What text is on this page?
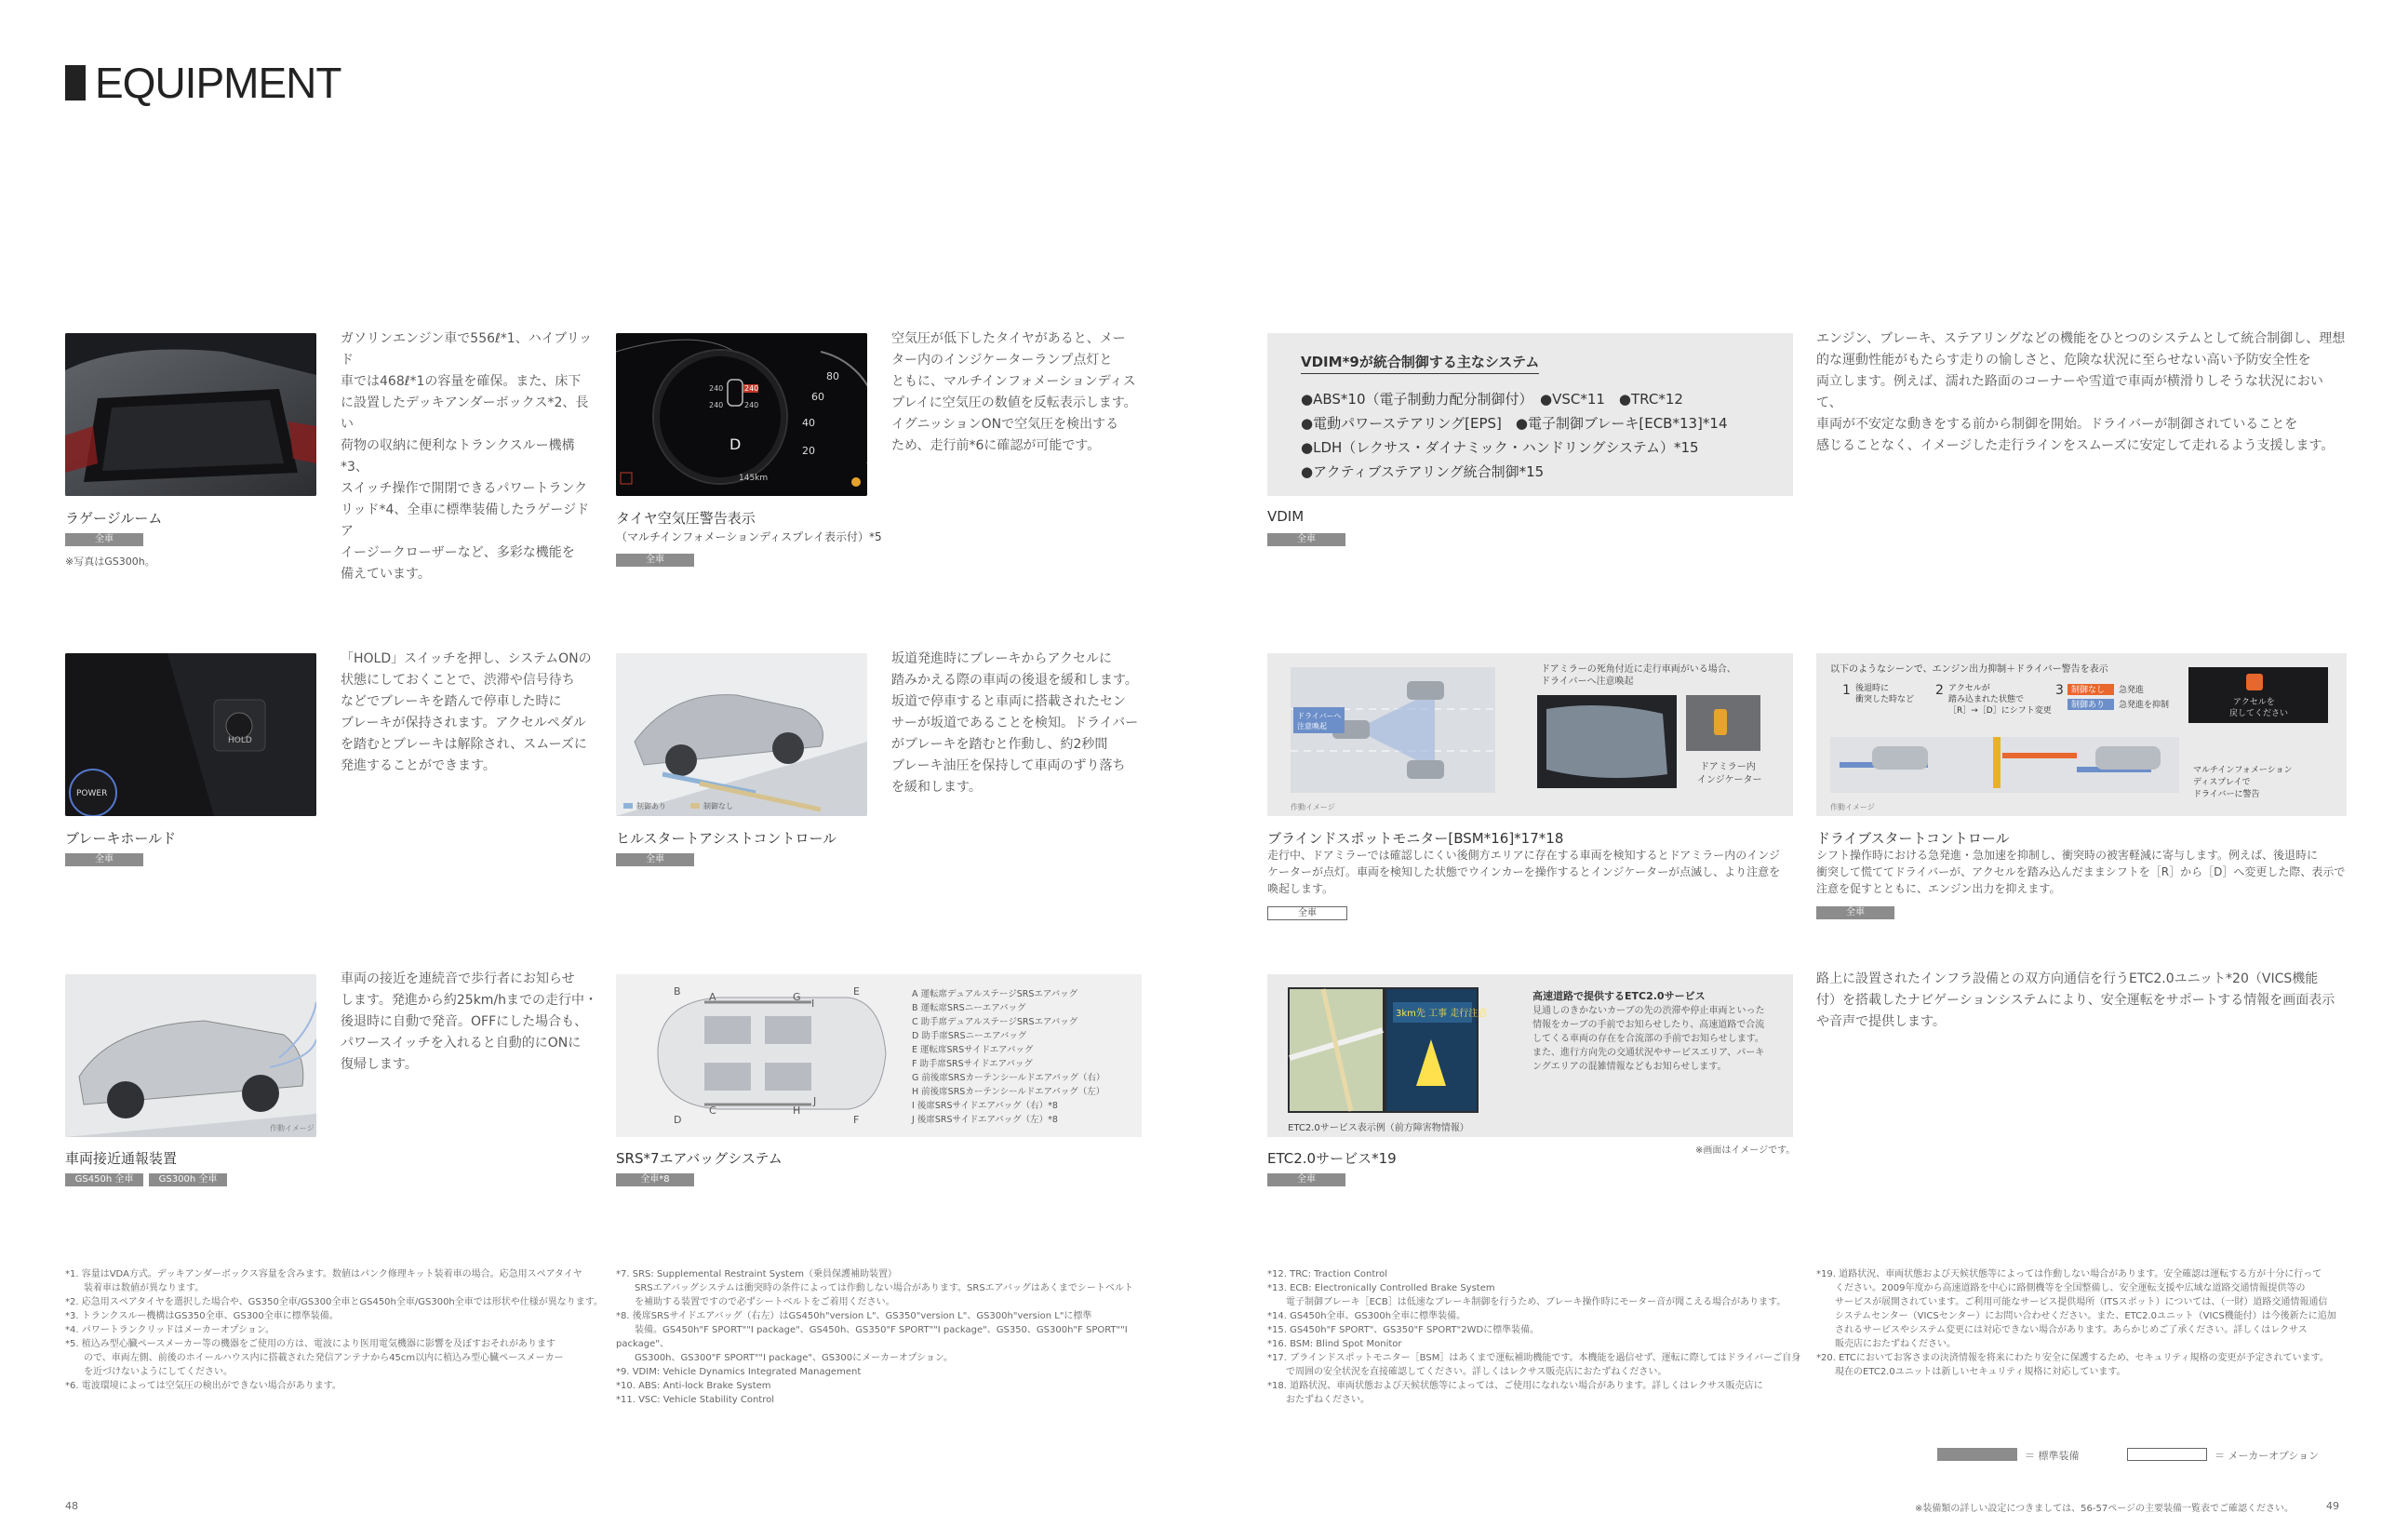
EQUIPMENT
ラゲージルーム
全車
※写真はGS300h。
ガソリンエンジン車で556ℓ*1、ハイブリッド
車では468ℓ*1の容量を確保。また、床下
に設置したデッキアンダーボックス*2、長い
荷物の収納に便利なトランクスルー機構*3、
スイッチ操作で開閉できるパワートランク
リッド*4、全車に標準装備したラゲージドア
イージークローザーなど、多彩な機能を
備えています。
80
60
40
20
240	240
240	240
D
145km
タイヤ空気圧警告表示
（マルチインフォメーションディスプレイ表示付）*5
全車
空気圧が低下したタイヤがあると、メー
ター内のインジケーターランプ点灯と
ともに、マルチインフォメーションディス
プレイに空気圧の数値を反転表示します。
イグニッションONで空気圧を検出する
ため、走行前*6に確認が可能です。
VDIM*9が統合制御する主なシステム
●ABS*10（電子制動力配分制御付）　●VSC*11　●TRC*12
●電動パワーステアリング[EPS]　●電子制御ブレーキ[ECB*13]*14
●LDH（レクサス・ダイナミック・ハンドリングシステム）*15
●アクティブステアリング統合制御*15
VDIM
全車
エンジン、ブレーキ、ステアリングなどの機能をひとつのシステムとして統合制御し、理想
的な運動性能がもたらす走りの愉しさと、危険な状況に至らせない高い予防安全性を
両立します。例えば、濡れた路面のコーナーや雪道で車両が横滑りしそうな状況において、
車両が不安定な動きをする前から制御を開始。ドライバーが制御されていることを
感じることなく、イメージした走行ラインをスムーズに安定して走れるよう支援します。
HOLD
POWER
ブレーキホールド
全車
「HOLD」スイッチを押し、システムONの
状態にしておくことで、渋滞や信号待ち
などでブレーキを踏んで停車した時に
ブレーキが保持されます。アクセルペダル
を踏むとブレーキは解除され、スムーズに
発進することができます。
制御あり	制御なし
ヒルスタートアシストコントロール
全車
坂道発進時にブレーキからアクセルに
踏みかえる際の車両の後退を緩和します。
坂道で停車すると車両に搭載されたセン
サーが坂道であることを検知。ドライバー
がブレーキを踏むと作動し、約2秒間
ブレーキ油圧を保持して車両のずり落ち
を緩和します。
ドライバーへ
注意喚起
ドアミラーの死角付近に走行車両がいる場合、
ドライバーへ注意喚起
ドアミラー内
インジケーター
作動イメージ
ブラインドスポットモニター[BSM*16]*17*18
走行中、ドアミラーでは確認しにくい後側方エリアに存在する車両を検知するとドアミラー内のインジ
ケーターが点灯。車両を検知した状態でウインカーを操作するとインジケーターが点滅し、より注意を
喚起します。
全車
以下のようなシーンで、エンジン出力抑制＋ドライバー警告を表示
1 後退時に
衝突した時など
2 アクセルが
踏み込まれた状態で
［R］→［D］にシフト変更
3 制御なし
制御あり
急発進
急発進を抑制	アクセルを
戻してください
マルチインフォメーション
ディスプレイで
ドライバーに警告
作動イメージ
ドライブスタートコントロール
シフト操作時における急発進・急加速を抑制し、衝突時の被害軽減に寄与します。例えば、後退時に
衝突して慌ててドライバーが、アクセルを踏み込んだままシフトを［R］から［D］へ変更した際、表示で
注意を促すとともに、エンジン出力を抑えます。
全車
作動イメージ
車両接近通報装置
GS450h 全車	GS300h 全車
車両の接近を連続音で歩行者にお知らせ
します。発進から約25km/hまでの走行中・
後退時に自動で発音。OFFにした場合も、
パワースイッチを入れると自動的にONに
復帰します。
B	A	G
I
E
D
C	H
J
F
A 運転席デュアルステージSRSエアバッグ
B 運転席SRSニーエアバッグ
C 助手席デュアルステージSRSエアバッグ
D 助手席SRSニーエアバッグ
E 運転席SRSサイドエアバッグ
F 助手席SRSサイドエアバッグ
G 前後席SRSカーテンシールドエアバッグ（右）
H 前後席SRSカーテンシールドエアバッグ（左）
I 後席SRSサイドエアバッグ（右）*8
J 後席SRSサイドエアバッグ（左）*8
SRS*7エアバッグシステム
全車*8
3km先 工事 走行注意
ETC2.0サービス表示例（前方障害物情報）
高速道路で提供するETC2.0サービス
見通しのきかないカーブの先の渋滞や停止車両といった
情報をカーブの手前でお知らせしたり、高速道路で合流
してくる車両の存在を合流部の手前でお知らせします。
また、進行方向先の交通状況やサービスエリア、パーキ
ングエリアの混雑情報などもお知らせします。
※画面はイメージです。
ETC2.0サービス*19
全車
路上に設置されたインフラ設備との双方向通信を行うETC2.0ユニット*20（VICS機能
付）を搭載したナビゲーションシステムにより、安全運転をサポートする情報を画面表示
や音声で提供します。
*1. 容量はVDA方式。デッキアンダーボックス容量を含みます。数値はパンク修理キット装着車の場合。応急用スペアタイヤ
　　装着車は数値が異なります。
*2. 応急用スペアタイヤを選択した場合や、GS350全車/GS300全車とGS450h全車/GS300h全車では形状や仕様が異なります。
*3. トランクスルー機構はGS350全車、GS300全車に標準装備。
*4. パワートランクリッドはメーカーオプション。
*5. 植込み型心臓ペースメーカー等の機器をご使用の方は、電波により医用電気機器に影響を及ぼすおそれがあります
　　ので、車両左側、前後のホイールハウス内に搭載された発信アンテナから45cm以内に植込み型心臓ペースメーカー
　　を近づけないようにしてください。
*6. 電波環境によっては空気圧の検出ができない場合があります。
*7. SRS: Supplemental Restraint System（乗員保護補助装置）
　　SRSエアバッグシステムは衝突時の条件によっては作動しない場合があります。SRSエアバッグはあくまでシートベルト
　　を補助する装置ですので必ずシートベルトをご着用ください。
*8. 後席SRSサイドエアバッグ（右左）はGS450h"version L"、GS350"version L"、GS300h"version L"に標準
　　装備。GS450h"F SPORT""I package"、GS450h、GS350"F SPORT""I package"、GS350、GS300h"F SPORT""I package"、
　　GS300h、GS300"F SPORT""I package"、GS300にメーカーオプション。
*9. VDIM: Vehicle Dynamics Integrated Management
*10. ABS: Anti-lock Brake System
*11. VSC: Vehicle Stability Control
*12. TRC: Traction Control
*13. ECB: Electronically Controlled Brake System
　　電子制御ブレーキ［ECB］は低速なブレーキ制御を行うため、ブレーキ操作時にモーター音が聞こえる場合があります。
*14. GS450h全車、GS300h全車に標準装備。
*15. GS450h"F SPORT"、GS350"F SPORT"2WDに標準装備。
*16. BSM: Blind Spot Monitor
*17. ブラインドスポットモニター［BSM］はあくまで運転補助機能です。本機能を過信せず、運転に際してはドライバーご自身
　　で周囲の安全状況を直接確認してください。詳しくはレクサス販売店におたずねください。
*18. 道路状況、車両状態および天候状態等によっては、ご使用になれない場合があります。詳しくはレクサス販売店に
　　おたずねください。
*19. 道路状況、車両状態および天候状態等によっては作動しない場合があります。安全確認は運転する方が十分に行って
　　ください。2009年度から高速道路を中心に路側機等を全国整備し、安全運転支援や広域な道路交通情報提供等の
　　サービスが展開されています。ご利用可能なサービス提供場所（ITSスポット）については、（一財）道路交通情報通信
　　システムセンター（VICSセンター）にお問い合わせください。また、ETC2.0ユニット（VICS機能付）は今後新たに追加
　　されるサービスやシステム変更には対応できない場合があります。あらかじめご了承ください。詳しくはレクサス
　　販売店におたずねください。
*20. ETCにおいてお客さまの決済情報を将来にわたり安全に保護するため、セキュリティ規格の変更が予定されています。
　　現在のETC2.0ユニットは新しいセキュリティ規格に対応しています。
＝ 標準装備	＝ メーカーオプション
48	※装備類の詳しい設定につきましては、56-57ページの主要装備一覧表でご確認ください。	49
